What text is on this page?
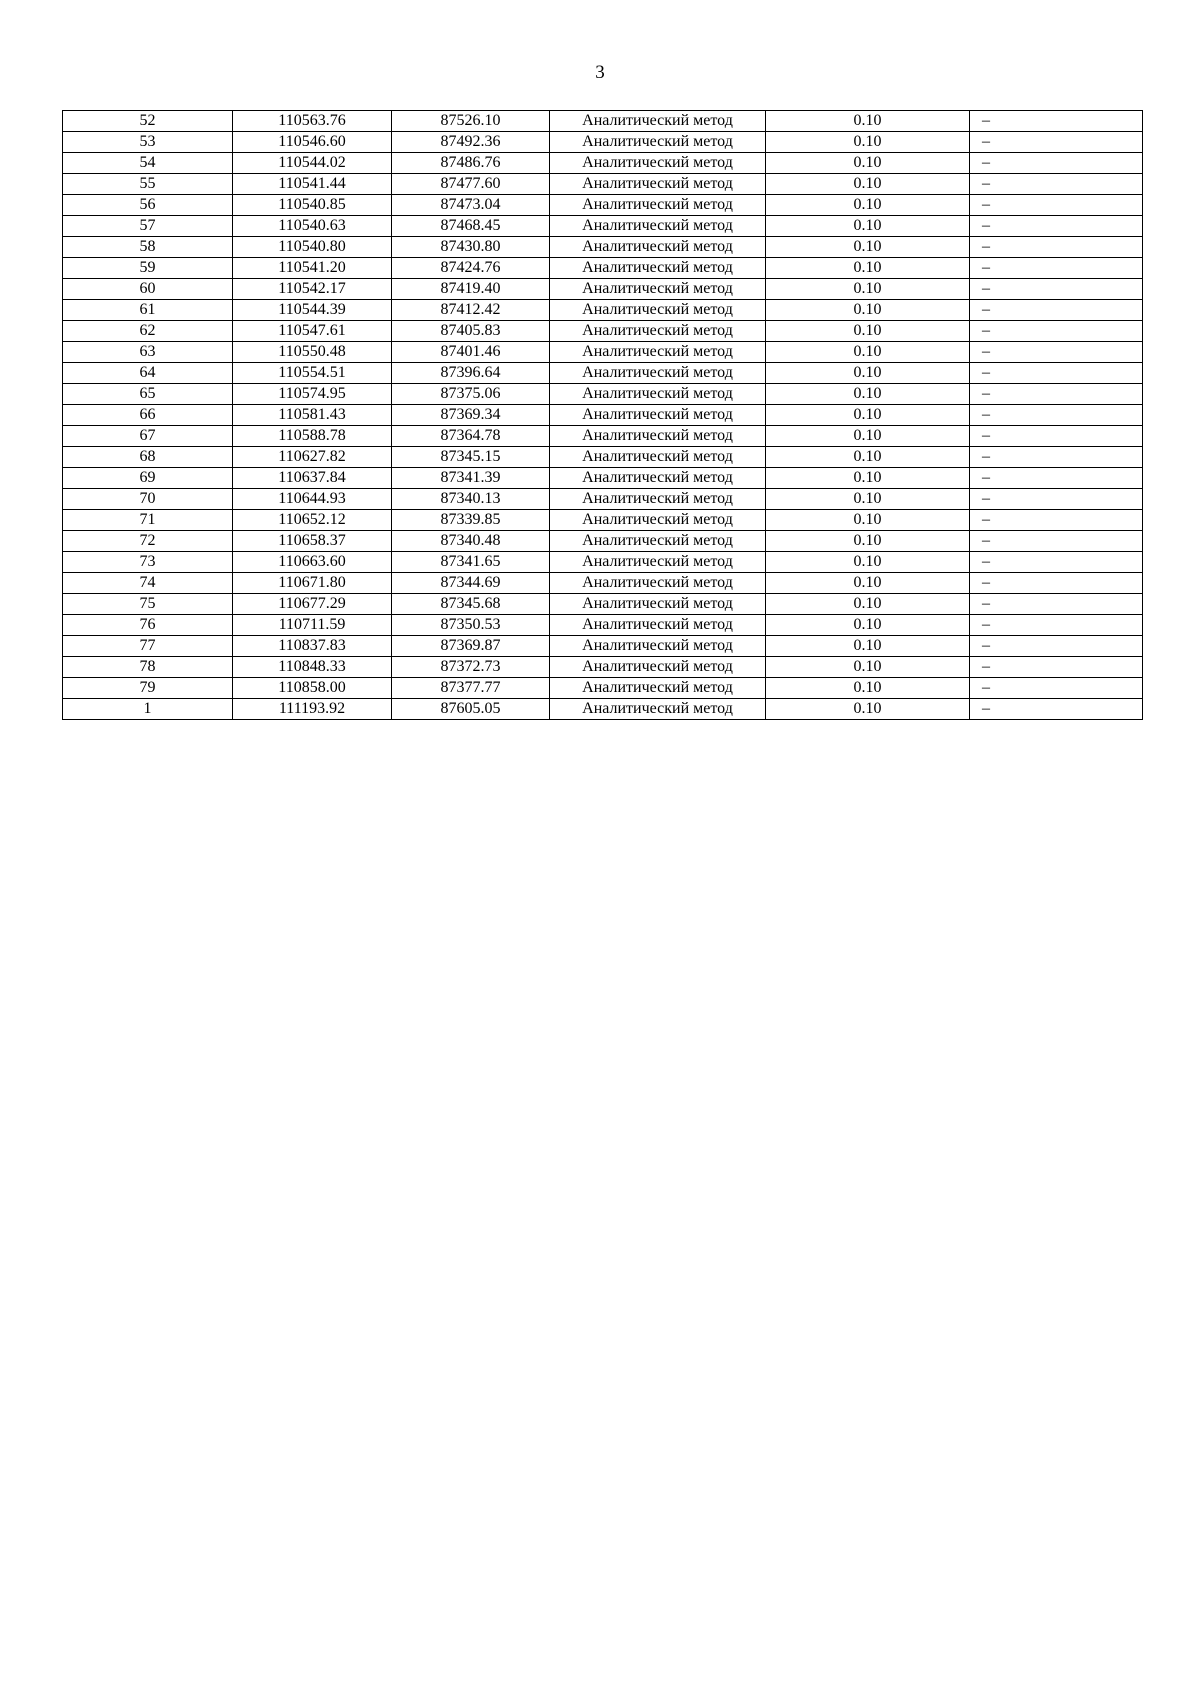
3
52	110563.76	87526.10	Аналитический метод	0.10	–
53	110546.60	87492.36	Аналитический метод	0.10	–
54	110544.02	87486.76	Аналитический метод	0.10	–
55	110541.44	87477.60	Аналитический метод	0.10	–
56	110540.85	87473.04	Аналитический метод	0.10	–
57	110540.63	87468.45	Аналитический метод	0.10	–
58	110540.80	87430.80	Аналитический метод	0.10	–
59	110541.20	87424.76	Аналитический метод	0.10	–
60	110542.17	87419.40	Аналитический метод	0.10	–
61	110544.39	87412.42	Аналитический метод	0.10	–
62	110547.61	87405.83	Аналитический метод	0.10	–
63	110550.48	87401.46	Аналитический метод	0.10	–
64	110554.51	87396.64	Аналитический метод	0.10	–
65	110574.95	87375.06	Аналитический метод	0.10	–
66	110581.43	87369.34	Аналитический метод	0.10	–
67	110588.78	87364.78	Аналитический метод	0.10	–
68	110627.82	87345.15	Аналитический метод	0.10	–
69	110637.84	87341.39	Аналитический метод	0.10	–
70	110644.93	87340.13	Аналитический метод	0.10	–
71	110652.12	87339.85	Аналитический метод	0.10	–
72	110658.37	87340.48	Аналитический метод	0.10	–
73	110663.60	87341.65	Аналитический метод	0.10	–
74	110671.80	87344.69	Аналитический метод	0.10	–
75	110677.29	87345.68	Аналитический метод	0.10	–
76	110711.59	87350.53	Аналитический метод	0.10	–
77	110837.83	87369.87	Аналитический метод	0.10	–
78	110848.33	87372.73	Аналитический метод	0.10	–
79	110858.00	87377.77	Аналитический метод	0.10	–
1	111193.92	87605.05	Аналитический метод	0.10	–
